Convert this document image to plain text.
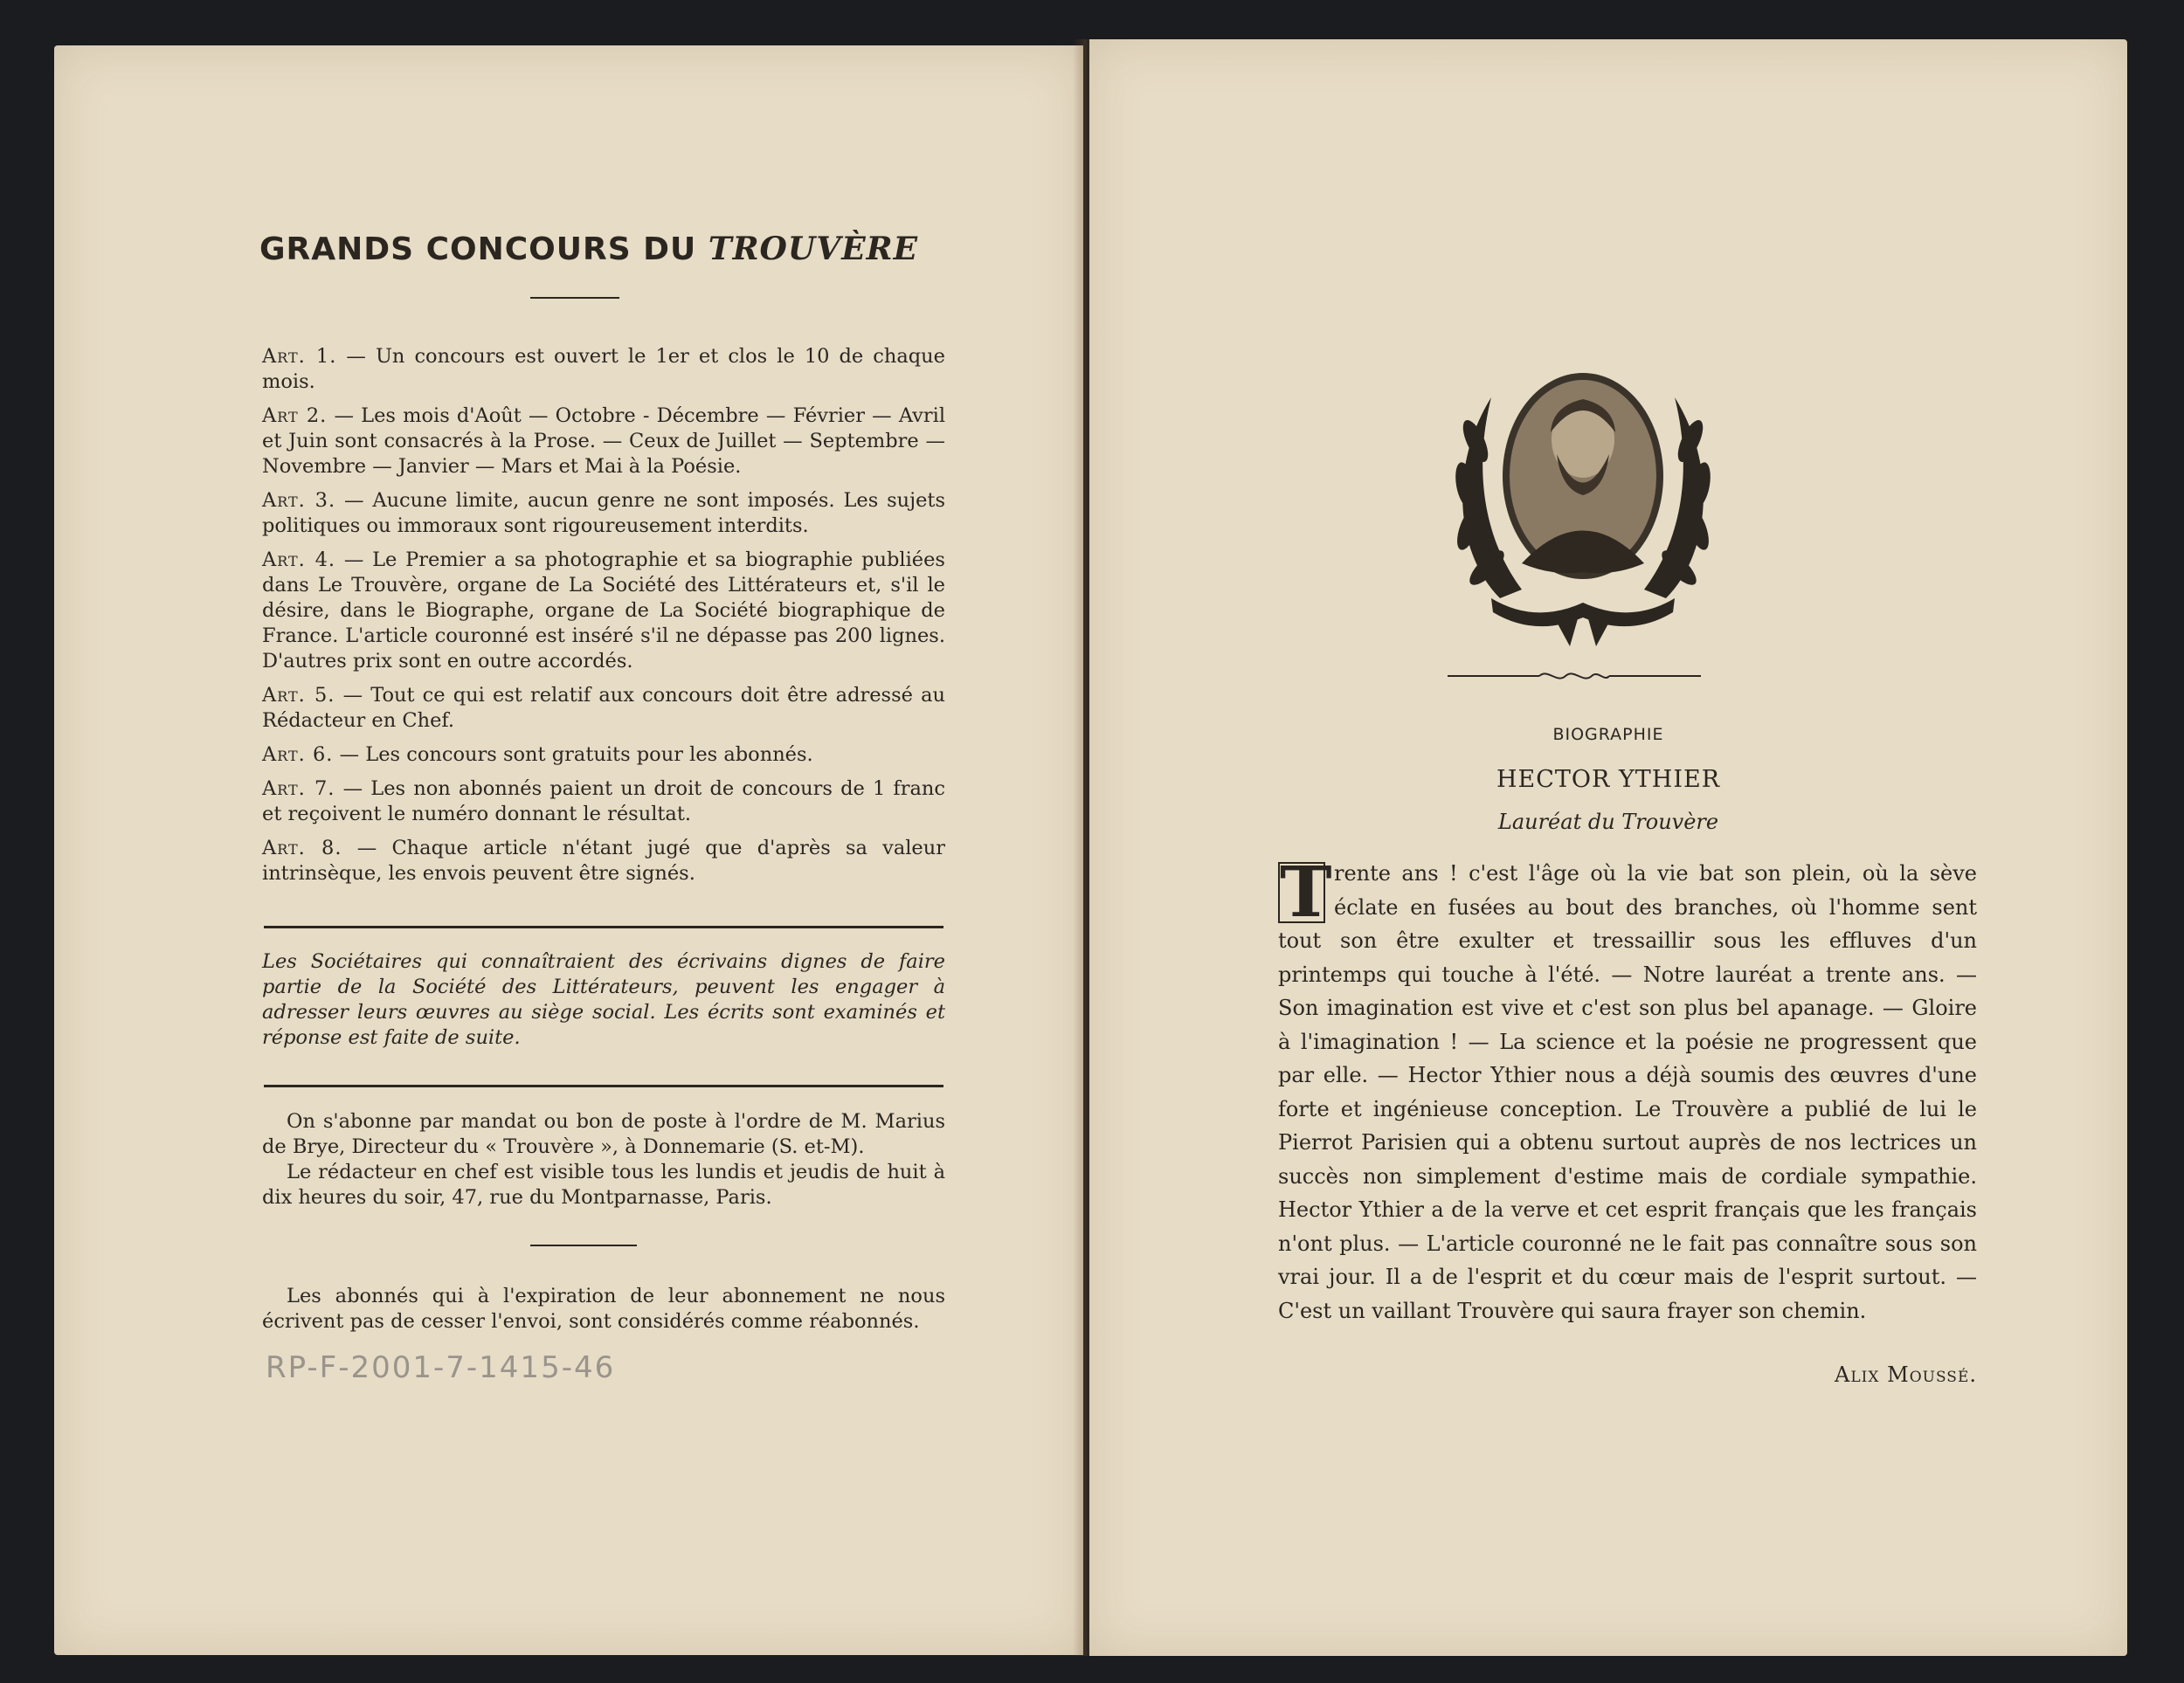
GRANDS CONCOURS DU TROUVÈRE

Art. 1. — Un concours est ouvert le 1er et clos le 10 de chaque mois.

Art 2. — Les mois d'Août — Octobre - Décembre — Février — Avril et Juin sont consacrés à la Prose. — Ceux de Juillet — Septembre — Novembre — Janvier — Mars et Mai à la Poésie.

Art. 3. — Aucune limite, aucun genre ne sont imposés. Les sujets politiques ou immoraux sont rigoureusement interdits.

Art. 4. — Le Premier a sa photographie et sa biographie publiées dans Le Trouvère, organe de La Société des Littérateurs et, s'il le désire, dans le Biographe, organe de La Société biographique de France. L'article couronné est inséré s'il ne dépasse pas 200 lignes. D'autres prix sont en outre accordés.

Art. 5. — Tout ce qui est relatif aux concours doit être adressé au Rédacteur en Chef.

Art. 6. — Les concours sont gratuits pour les abonnés.

Art. 7. — Les non abonnés paient un droit de concours de 1 franc et reçoivent le numéro donnant le résultat.

Art. 8. — Chaque article n'étant jugé que d'après sa valeur intrinsèque, les envois peuvent être signés.

Les Sociétaires qui connaîtraient des écrivains dignes de faire partie de la Société des Littérateurs, peuvent les engager à adresser leurs œuvres au siège social. Les écrits sont examinés et réponse est faite de suite.

On s'abonne par mandat ou bon de poste à l'ordre de M. Marius de Brye, Directeur du « Trouvère », à Donnemarie (S. et-M).

Le rédacteur en chef est visible tous les lundis et jeudis de huit à dix heures du soir, 47, rue du Montparnasse, Paris.

Les abonnés qui à l'expiration de leur abonnement ne nous écrivent pas de cesser l'envoi, sont considérés comme réabonnés.

RP-F-2001-7-1415-46
BIOGRAPHIE
HECTOR YTHIER
Lauréat du Trouvère
T rente ans ! c'est l'âge où la vie bat son plein, où la sève éclate en fusées au bout des branches, où l'homme sent tout son être exulter et tressaillir sous les effluves d'un printemps qui touche à l'été. — Notre lauréat a trente ans. — Son imagination est vive et c'est son plus bel apanage. — Gloire à l'imagination ! — La science et la poésie ne progressent que par elle. — Hector Ythier nous a déjà soumis des œuvres d'une forte et ingénieuse conception. Le Trouvère a publié de lui le Pierrot Parisien qui a obtenu surtout auprès de nos lectrices un succès non simplement d'estime mais de cordiale sympathie. Hector Ythier a de la verve et cet esprit français que les français n'ont plus. — L'article couronné ne le fait pas connaître sous son vrai jour. Il a de l'esprit et du cœur mais de l'esprit surtout. — C'est un vaillant Trouvère qui saura frayer son chemin.
Alix Moussé.
